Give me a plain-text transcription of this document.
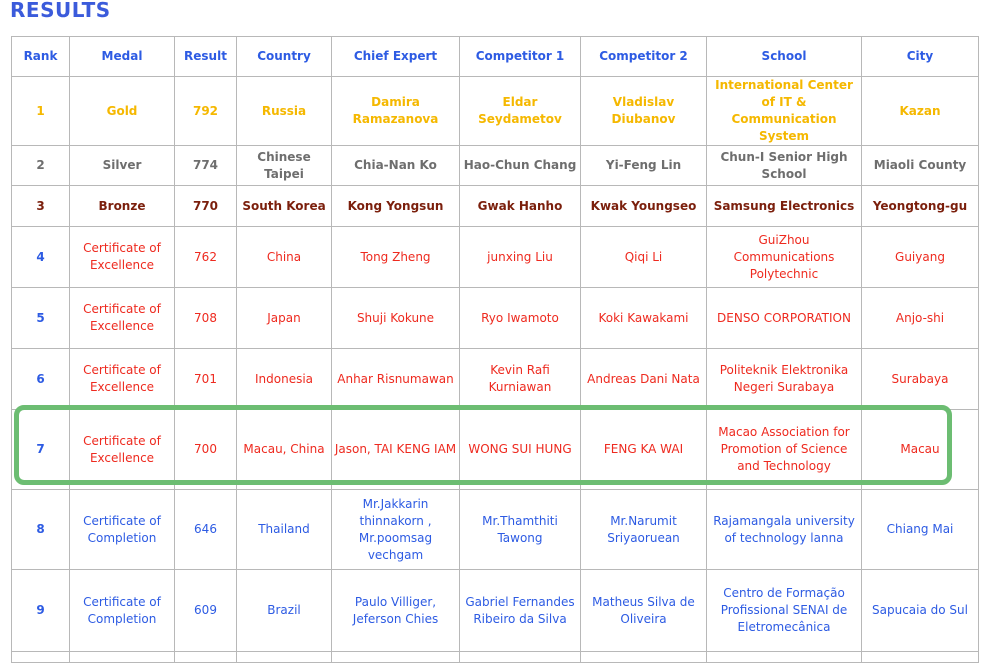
RESULTS
Rank	Medal	Result	Country	Chief Expert	Competitor 1	Competitor 2	School	City
1	Gold	792	Russia	Damira Ramazanova	Eldar Seydametov	Vladislav Diubanov	International Center of IT & Communication System	Kazan
2	Silver	774	Chinese Taipei	Chia-Nan Ko	Hao-Chun Chang	Yi-Feng Lin	Chun-I Senior High School	Miaoli County
3	Bronze	770	South Korea	Kong Yongsun	Gwak Hanho	Kwak Youngseo	Samsung Electronics	Yeongtong-gu
4	Certificate of Excellence	762	China	Tong Zheng	junxing Liu	Qiqi Li	GuiZhou Communications Polytechnic	Guiyang
5	Certificate of Excellence	708	Japan	Shuji Kokune	Ryo Iwamoto	Koki Kawakami	DENSO CORPORATION	Anjo-shi
6	Certificate of Excellence	701	Indonesia	Anhar Risnumawan	Kevin Rafi Kurniawan	Andreas Dani Nata	Politeknik Elektronika Negeri Surabaya	Surabaya
7	Certificate of Excellence	700	Macau, China	Jason, TAI KENG IAM	WONG SUI HUNG	FENG KA WAI	Macao Association for Promotion of Science and Technology	Macau
8	Certificate of Completion	646	Thailand	Mr.Jakkarin thinnakorn , Mr.poomsag vechgam	Mr.Thamthiti Tawong	Mr.Narumit Sriyaoruean	Rajamangala university of technology lanna	Chiang Mai
9	Certificate of Completion	609	Brazil	Paulo Villiger, Jeferson Chies	Gabriel Fernandes Ribeiro da Silva	Matheus Silva de Oliveira	Centro de Formação Profissional SENAI de Eletromecânica	Sapucaia do Sul
